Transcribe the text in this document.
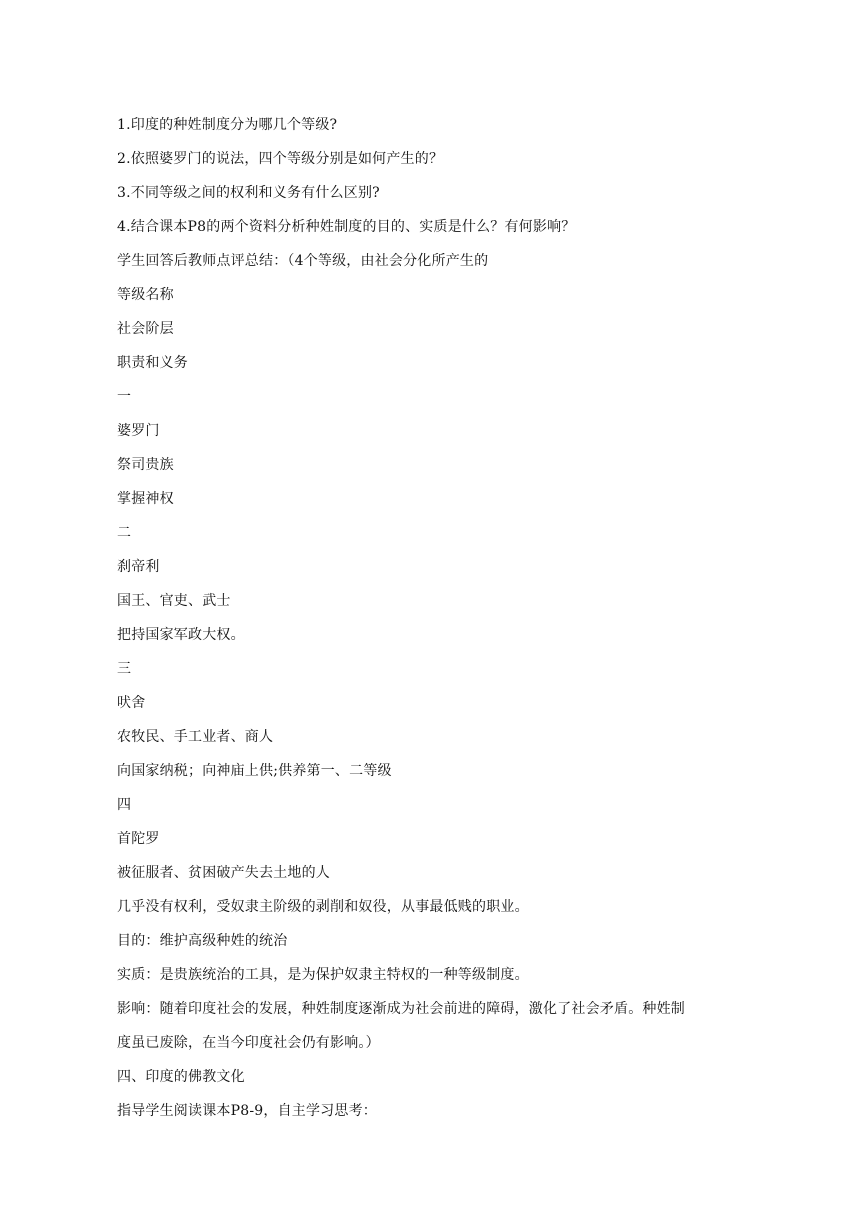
1.印度的种姓制度分为哪几个等级?
2.依照婆罗门的说法，四个等级分别是如何产生的？
3.不同等级之间的权利和义务有什么区别?
4.结合课本P8的两个资料分析种姓制度的目的、实质是什么？有何影响？
学生回答后教师点评总结：（4个等级，由社会分化所产生的
等级名称
社会阶层
职责和义务
一
婆罗门
祭司贵族
掌握神权
二
刹帝利
国王、官吏、武士
把持国家军政大权。
三
吠舍
农牧民、手工业者、商人
向国家纳税；向神庙上供;供养第一、二等级
四
首陀罗
被征服者、贫困破产失去土地的人
几乎没有权利，受奴隶主阶级的剥削和奴役，从事最低贱的职业。
目的：维护高级种姓的统治
实质：是贵族统治的工具，是为保护奴隶主特权的一种等级制度。
影响：随着印度社会的发展，种姓制度逐渐成为社会前进的障碍，激化了社会矛盾。种姓制
度虽已废除，在当今印度社会仍有影响。）
四、印度的佛教文化
指导学生阅读课本P8-9，自主学习思考：
